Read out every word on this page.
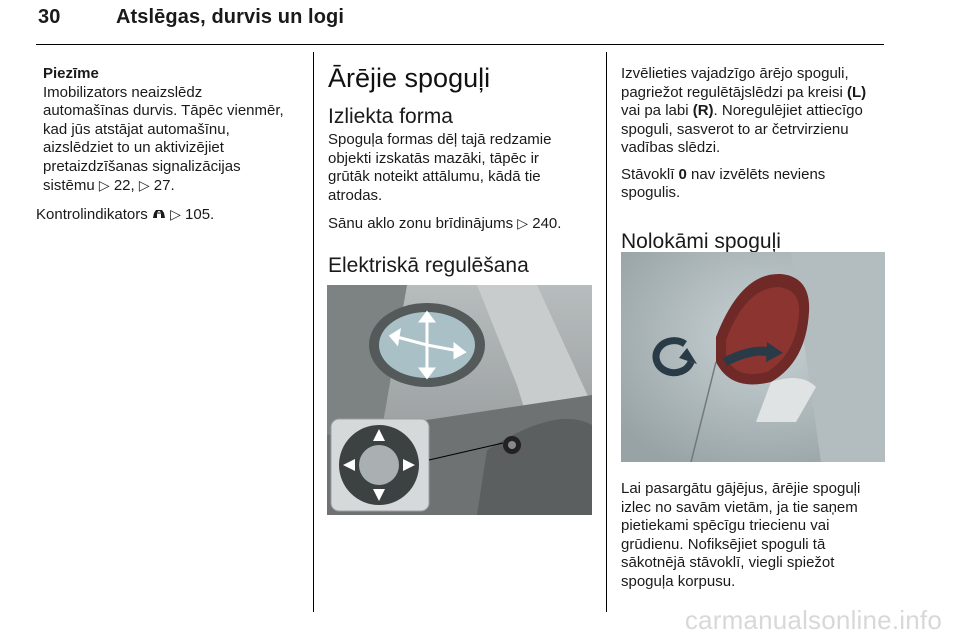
30	Atslēgas, durvis un logi

Piezīme

Imobilizators neaizslēdz

automašīnas durvis. Tāpēc vienmēr,

kad jūs atstājat automašīnu,

aizslēdziet to un aktivizējiet

pretaizdzīšanas signalizācijas

sistēmu ▷ 22, ▷ 27.

Kontrolindikators ▷ 105.

Ārējie spoguļi

Izliekta forma

Spoguļa formas dēļ tajā redzamie

objekti izskatās mazāki, tāpēc ir

grūtāk noteikt attālumu, kādā tie

atrodas.

Sānu aklo zonu brīdinājums ▷ 240.

Elektriskā regulēšana

Izvēlieties vajadzīgo ārējo spoguli,

pagriežot regulētājslēdzi pa kreisi (L)

vai pa labi (R). Noregulējiet attiecīgo

spoguli, sasverot to ar četrvirzienu

vadības slēdzi.

Stāvoklī 0 nav izvēlēts neviens

spogulis.

Nolokāmi spoguļi

Lai pasargātu gājējus, ārējie spoguļi

izlec no savām vietām, ja tie saņem

pietiekami spēcīgu triecienu vai

grūdienu. Nofiksējiet spoguli tā

sākotnējā stāvoklī, viegli spiežot

spoguļa korpusu.

carmanualsonline.info
